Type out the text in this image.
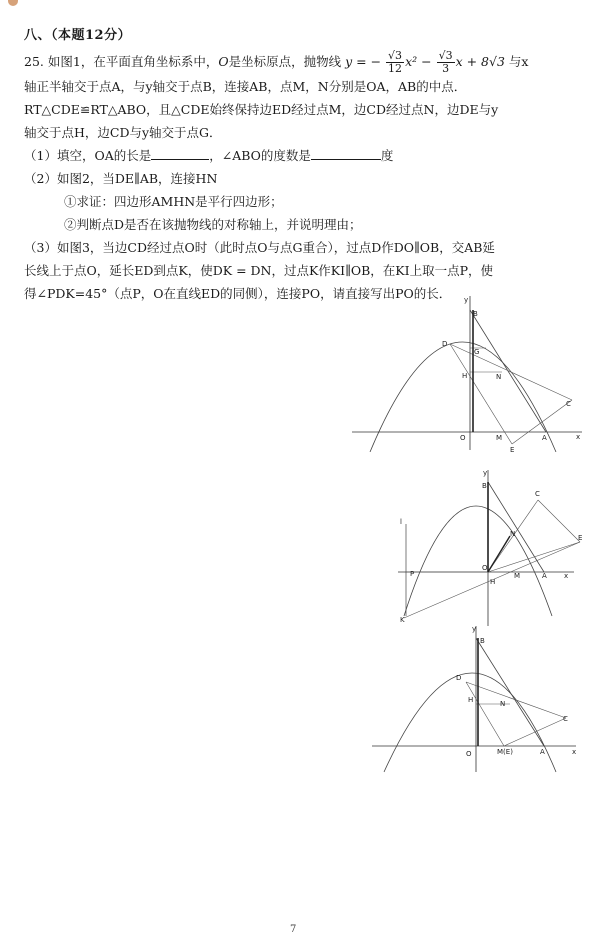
八、（本题12分）

25. 如图1，在平面直角坐标系中，O是坐标原点，抛物线 y = − $\frac{√3}{12} x^2 - \frac{√3}{3}$ x + 8√3 与x

轴正半轴交于点A，与y轴交于点B，连接AB，点M，N分别是OA，AB的中点．

RT△CDE≌RT△ABO，且△CDE始终保持边ED经过点M，边CD经过点N，边DE与y

轴交于点H，边CD与y轴交于点G．

（1）填空，OA的长是	，∠ABO的度数是	度

（2）如图2，当DE∥AB，连接HN

①求证：四边形AMHN是平行四边形；

②判断点D是否在该抛物线的对称轴上，并说明理由；

（3）如图3，当边CD经过点O时（此时点O与点G重合），过点D作DO∥OB，交AB延

长线上于点O，延长ED到点K，使DK = DN，过点K作KI∥OB，在KI上取一点P，使

得∠PDK=45°（点P，O在直线ED的同侧），连接PO，请直接写出PO的长．	y
B
D
G
H	N
C
O	M
E
A	x
y
B
C
N	E
l
P
O
H
M	A x
K
y
B
D
H	N
C
O	M(E)	A	x
7
